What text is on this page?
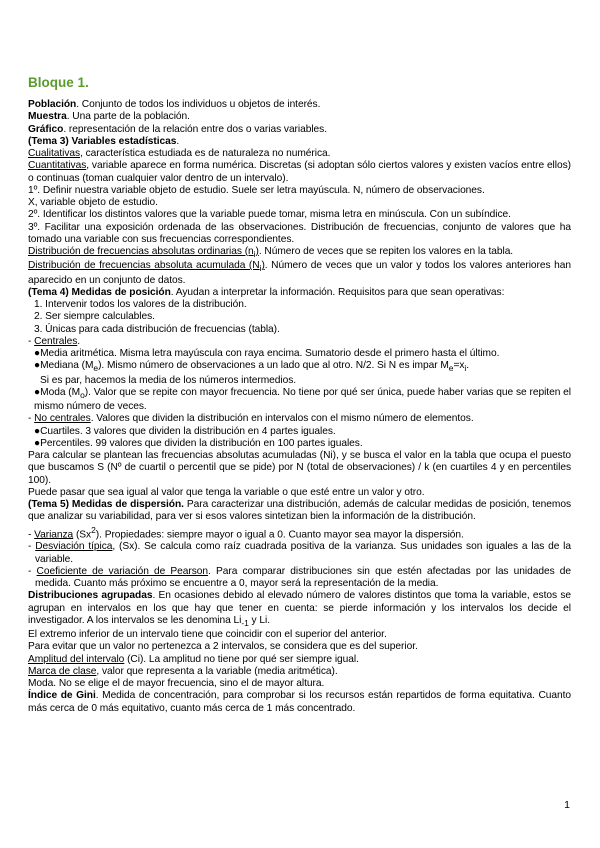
Bloque 1.

Población. Conjunto de todos los individuos u objetos de interés.

Muestra. Una parte de la población.

Gráfico. representación de la relación entre dos o varias variables.

(Tema 3) Variables estadísticas.

Cualitativas, característica estudiada es de naturaleza no numérica.

Cuantitativas, variable aparece en forma numérica. Discretas (si adoptan sólo ciertos valores y existen vacíos entre ellos) o continuas (toman cualquier valor dentro de un intervalo).

1º. Definir nuestra variable objeto de estudio. Suele ser letra mayúscula. N, número de observaciones.

X, variable objeto de estudio.

2º. Identificar los distintos valores que la variable puede tomar, misma letra en minúscula. Con un subíndice.

3º. Facilitar una exposición ordenada de las observaciones. Distribución de frecuencias, conjunto de valores que ha tomado una variable con sus frecuencias correspondientes.

Distribución de frecuencias absolutas ordinarias $(n_i)$. Número de veces que se repiten los valores en la tabla.

Distribución de frecuencias absoluta acumulada $(N_i)$. Número de veces que un valor y todos los valores anteriores han aparecido en un conjunto de datos.

(Tema 4) Medidas de posición. Ayudan a interpretar la información. Requisitos para que sean operativas:

1. Intervenir todos los valores de la distribución.

2. Ser siempre calculables.

3. Únicas para cada distribución de frecuencias (tabla).

- Centrales.

●Media aritmética. Misma letra mayúscula con raya encima. Sumatorio desde el primero hasta el último.

●Mediana $(M_e)$. Mismo número de observaciones a un lado que al otro. N/2. Si N es impar $M_e=x_i$.

Si es par, hacemos la media de los números intermedios.

●Moda $(M_o)$. Valor que se repite con mayor frecuencia. No tiene por qué ser única, puede haber varias que se repiten el mismo número de veces.

- No centrales. Valores que dividen la distribución en intervalos con el mismo número de elementos.

●Cuartiles. 3 valores que dividen la distribución en 4 partes iguales.

●Percentiles. 99 valores que dividen la distribución en 100 partes iguales.

Para calcular se plantean las frecuencias absolutas acumuladas (Ni), y se busca el valor en la tabla que ocupa el puesto que buscamos S (Nº de cuartil o percentil que se pide) por N (total de observaciones) / k (en cuartiles 4 y en percentiles 100).

Puede pasar que sea igual al valor que tenga la variable o que esté entre un valor y otro.

(Tema 5) Medidas de dispersión. Para caracterizar una distribución, además de calcular medidas de posición, tenemos que analizar su variabilidad, para ver si esos valores sintetizan bien la información de la distribución.

- Varianza (Sx$^2$). Propiedades: siempre mayor o igual a 0. Cuanto mayor sea mayor la dispersión.

- Desviación típica, (Sx). Se calcula como raíz cuadrada positiva de la varianza. Sus unidades son iguales a las de la variable.

- Coeficiente de variación de Pearson. Para comparar distribuciones sin que estén afectadas por las unidades de medida. Cuanto más próximo se encuentre a 0, mayor será la representación de la media.

Distribuciones agrupadas. En ocasiones debido al elevado número de valores distintos que toma la variable, estos se agrupan en intervalos en los que hay que tener en cuenta: se pierde información y los intervalos los decide el investigador. A los intervalos se les denomina $Li_{-1}$ y Li.

El extremo inferior de un intervalo tiene que coincidir con el superior del anterior.

Para evitar que un valor no pertenezca a 2 intervalos, se considera que es del superior.

Amplitud del intervalo (Ci). La amplitud no tiene por qué ser siempre igual.

Marca de clase, valor que representa a la variable (media aritmética).

Moda. No se elige el de mayor frecuencia, sino el de mayor altura.

Índice de Gini. Medida de concentración, para comprobar si los recursos están repartidos de forma equitativa. Cuanto más cerca de 0 más equitativo, cuanto más cerca de 1 más concentrado.

1
